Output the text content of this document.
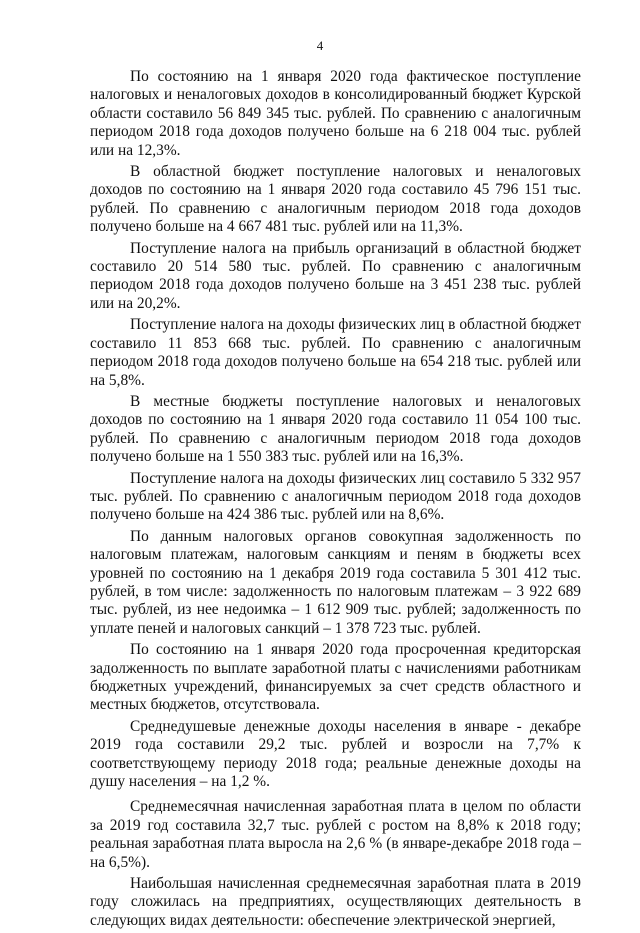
4

По состоянию на 1 января 2020 года фактическое поступление налоговых и неналоговых доходов в консолидированный бюджет Курской области составило 56 849 345 тыс. рублей. По сравнению с аналогичным периодом 2018 года доходов получено больше на 6 218 004 тыс. рублей или на 12,3%.

В областной бюджет поступление налоговых и неналоговых доходов по состоянию на 1 января 2020 года составило 45 796 151 тыс. рублей. По сравнению с аналогичным периодом 2018 года доходов получено больше на 4 667 481 тыс. рублей или на 11,3%.

Поступление налога на прибыль организаций в областной бюджет составило 20 514 580 тыс. рублей. По сравнению с аналогичным периодом 2018 года доходов получено больше на 3 451 238 тыс. рублей или на 20,2%.

Поступление налога на доходы физических лиц в областной бюджет составило 11 853 668 тыс. рублей. По сравнению с аналогичным периодом 2018 года доходов получено больше на 654 218 тыс. рублей или на 5,8%.

В местные бюджеты поступление налоговых и неналоговых доходов по состоянию на 1 января 2020 года составило 11 054 100 тыс. рублей. По сравнению с аналогичным периодом 2018 года доходов получено больше на 1 550 383 тыс. рублей или на 16,3%.

Поступление налога на доходы физических лиц составило 5 332 957 тыс. рублей. По сравнению с аналогичным периодом 2018 года доходов получено больше на 424 386 тыс. рублей или на 8,6%.

По данным налоговых органов совокупная задолженность по налоговым платежам, налоговым санкциям и пеням в бюджеты всех уровней по состоянию на 1 декабря 2019 года составила 5 301 412 тыс. рублей, в том числе: задолженность по налоговым платежам – 3 922 689 тыс. рублей, из нее недоимка – 1 612 909 тыс. рублей; задолженность по уплате пеней и налоговых санкций – 1 378 723 тыс. рублей.

По состоянию на 1 января 2020 года просроченная кредиторская задолженность по выплате заработной платы с начислениями работникам бюджетных учреждений, финансируемых за счет средств областного и местных бюджетов, отсутствовала.

Среднедушевые денежные доходы населения в январе - декабре 2019 года составили 29,2 тыс. рублей и возросли на 7,7% к соответствующему периоду 2018 года; реальные денежные доходы на душу населения – на 1,2 %.

Среднемесячная начисленная заработная плата в целом по области за 2019 год составила 32,7 тыс. рублей с ростом на 8,8% к 2018 году; реальная заработная плата выросла на 2,6 % (в январе-декабре 2018 года – на 6,5%).

Наибольшая начисленная среднемесячная заработная плата в 2019 году сложилась на предприятиях, осуществляющих деятельность в следующих видах деятельности: обеспечение электрической энергией,
